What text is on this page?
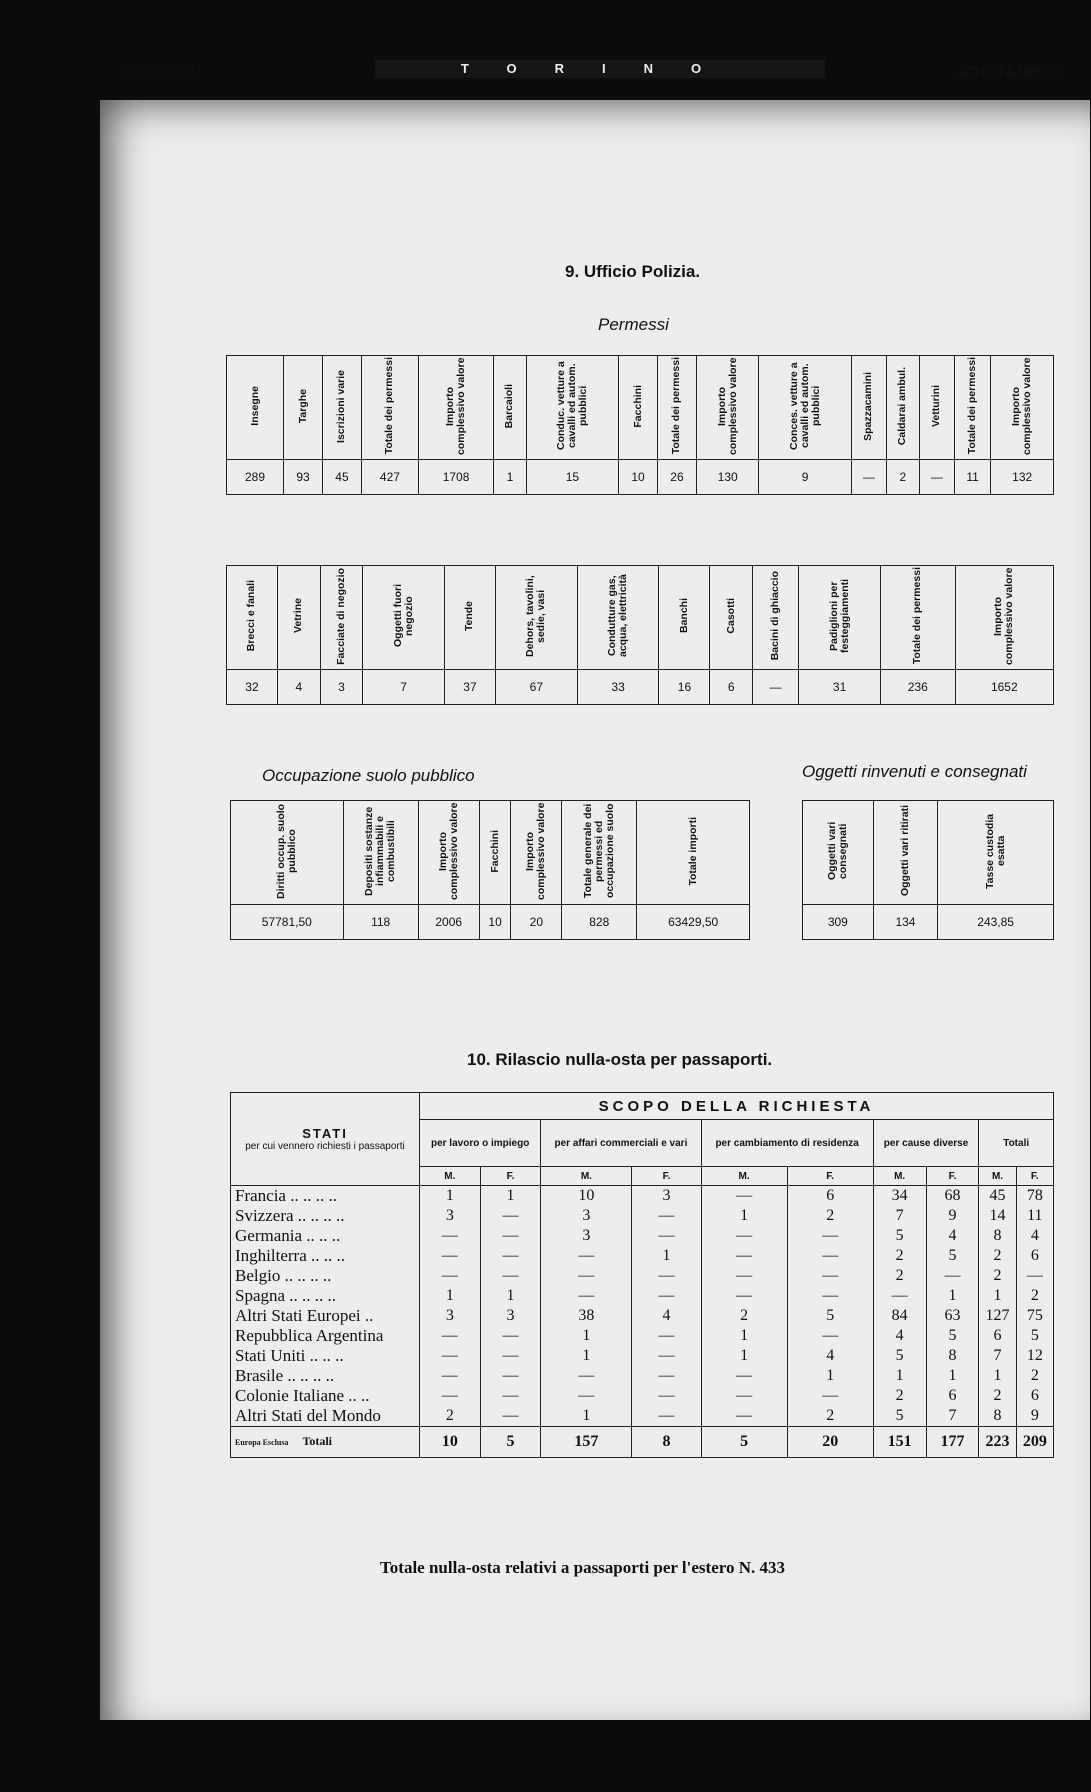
CCCXXVIII	TORINO	ATTIVITÀ UFFICI
9. Ufficio Polizia.
Permessi
Insegne	Targhe	Iscrizioni varie	Totale dei permessi	Importo complessivo valore	Barcaioli	Conduc. vetture a cavalli ed autom. pubblici	Facchini	Totale dei permessi	Importo complessivo valore	Conces. vetture a cavalli ed autom. pubblici	Spazzacamini	Caldarai ambul.	Vetturini	Totale dei permessi	Importo complessivo valore
289	93	45	427	1708	1	15	10	26	130	9	—	2	—	11	132
Brecci e fanali	Vetrine	Facciate di negozio	Oggetti fuori negozio	Tende	Dehors, tavolini, sedie, vasi	Condutture gas, acqua, elettricità	Banchi	Casotti	Bacini di ghiaccio	Padiglioni per festeggiamenti	Totale dei permessi	Importo complessivo valore
32	4	3	7	37	67	33	16	6	—	31	236	1652
Occupazione suolo pubblico	Oggetti rinvenuti e consegnati
Diritti occup. suolo pubblico	Depositi sostanze infiammabili e combustibili	Importo complessivo valore	Facchini	Importo complessivo valore	Totale generale dei permessi ed occupazione suolo	Totale importi
57781,50	118	2006	10	20	828	63429,50
Oggetti vari consegnati	Oggetti vari ritirati	Tasse custodia esatta
309	134	243,85
10. Rilascio nulla-osta per passaporti.
STATI
per cui vennero richiesti i passaporti	SCOPO DELLA RICHIESTA									
	per lavoro o impiego		per affari commerciali e vari		per cambiamento di residenza		per cause diverse		Totali	
	M.	F.	M.	F.	M.	F.	M.	F.	M.	F.
Francia .. .. .. ..	1	1	10	3	—	6	34	68	45	78
Svizzera .. .. .. ..	3	—	3	—	1	2	7	9	14	11
Germania .. .. ..	—	—	3	—	—	—	5	4	8	4
Inghilterra .. .. ..	—	—	—	1	—	—	2	5	2	6
Belgio .. .. .. ..	—	—	—	—	—	—	2	—	2	—
Spagna .. .. .. ..	1	1	—	—	—	—	—	1	1	2
Altri Stati Europei ..	3	3	38	4	2	5	84	63	127	75
Repubblica Argentina	—	—	1	—	1	—	4	5	6	5
Stati Uniti .. .. ..	—	—	1	—	1	4	5	8	7	12
Brasile .. .. .. ..	—	—	—	—	—	1	1	1	1	2
Colonie Italiane .. ..	—	—	—	—	—	—	2	6	2	6
Altri Stati del Mondo	2	—	1	—	—	2	5	7	8	9
Europa Esclusa Totali	10	5	157	8	5	20	151	177	223	209
Totale nulla-osta relativi a passaporti per l'estero N. 433
